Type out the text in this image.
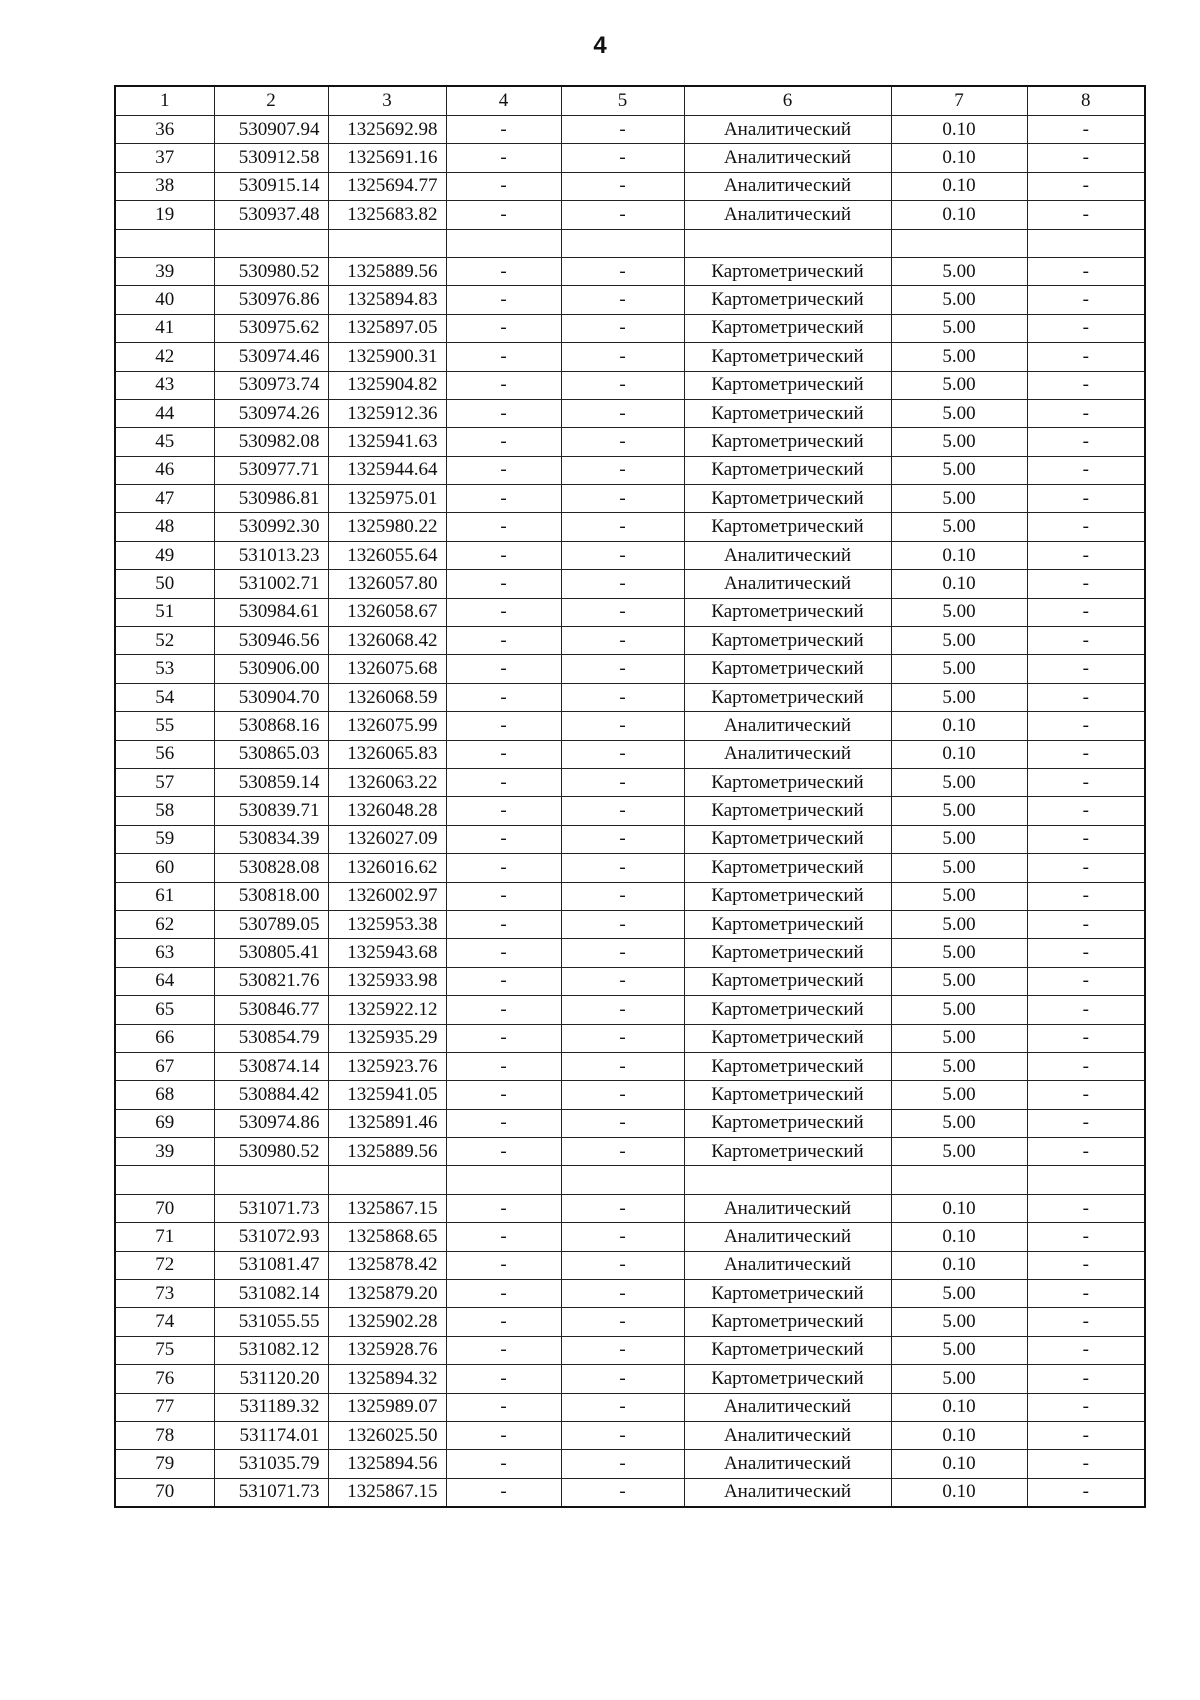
4
1	2	3	4	5	6	7	8
36	530907.94	1325692.98	-	-	Аналитический	0.10	-
37	530912.58	1325691.16	-	-	Аналитический	0.10	-
38	530915.14	1325694.77	-	-	Аналитический	0.10	-
19	530937.48	1325683.82	-	-	Аналитический	0.10	-

39	530980.52	1325889.56	-	-	Картометрический	5.00	-
40	530976.86	1325894.83	-	-	Картометрический	5.00	-
41	530975.62	1325897.05	-	-	Картометрический	5.00	-
42	530974.46	1325900.31	-	-	Картометрический	5.00	-
43	530973.74	1325904.82	-	-	Картометрический	5.00	-
44	530974.26	1325912.36	-	-	Картометрический	5.00	-
45	530982.08	1325941.63	-	-	Картометрический	5.00	-
46	530977.71	1325944.64	-	-	Картометрический	5.00	-
47	530986.81	1325975.01	-	-	Картометрический	5.00	-
48	530992.30	1325980.22	-	-	Картометрический	5.00	-
49	531013.23	1326055.64	-	-	Аналитический	0.10	-
50	531002.71	1326057.80	-	-	Аналитический	0.10	-
51	530984.61	1326058.67	-	-	Картометрический	5.00	-
52	530946.56	1326068.42	-	-	Картометрический	5.00	-
53	530906.00	1326075.68	-	-	Картометрический	5.00	-
54	530904.70	1326068.59	-	-	Картометрический	5.00	-
55	530868.16	1326075.99	-	-	Аналитический	0.10	-
56	530865.03	1326065.83	-	-	Аналитический	0.10	-
57	530859.14	1326063.22	-	-	Картометрический	5.00	-
58	530839.71	1326048.28	-	-	Картометрический	5.00	-
59	530834.39	1326027.09	-	-	Картометрический	5.00	-
60	530828.08	1326016.62	-	-	Картометрический	5.00	-
61	530818.00	1326002.97	-	-	Картометрический	5.00	-
62	530789.05	1325953.38	-	-	Картометрический	5.00	-
63	530805.41	1325943.68	-	-	Картометрический	5.00	-
64	530821.76	1325933.98	-	-	Картометрический	5.00	-
65	530846.77	1325922.12	-	-	Картометрический	5.00	-
66	530854.79	1325935.29	-	-	Картометрический	5.00	-
67	530874.14	1325923.76	-	-	Картометрический	5.00	-
68	530884.42	1325941.05	-	-	Картометрический	5.00	-
69	530974.86	1325891.46	-	-	Картометрический	5.00	-
39	530980.52	1325889.56	-	-	Картометрический	5.00	-

70	531071.73	1325867.15	-	-	Аналитический	0.10	-
71	531072.93	1325868.65	-	-	Аналитический	0.10	-
72	531081.47	1325878.42	-	-	Аналитический	0.10	-
73	531082.14	1325879.20	-	-	Картометрический	5.00	-
74	531055.55	1325902.28	-	-	Картометрический	5.00	-
75	531082.12	1325928.76	-	-	Картометрический	5.00	-
76	531120.20	1325894.32	-	-	Картометрический	5.00	-
77	531189.32	1325989.07	-	-	Аналитический	0.10	-
78	531174.01	1326025.50	-	-	Аналитический	0.10	-
79	531035.79	1325894.56	-	-	Аналитический	0.10	-
70	531071.73	1325867.15	-	-	Аналитический	0.10	-
